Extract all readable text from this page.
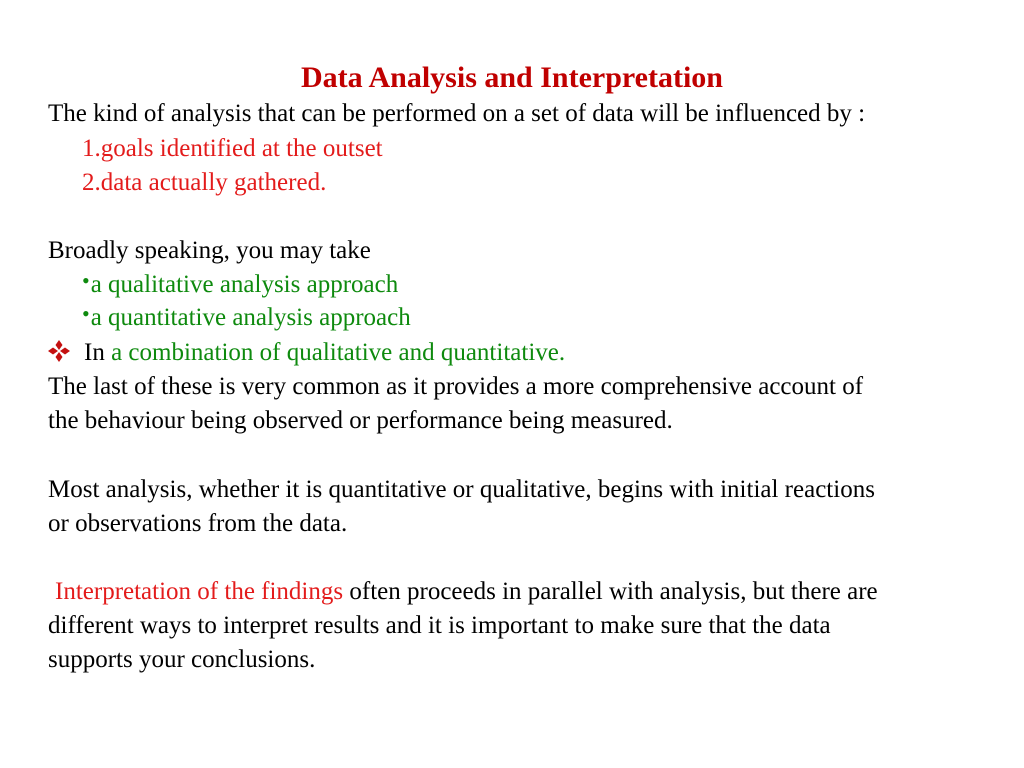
Data Analysis and Interpretation
The kind of analysis that can be performed on a set of data will be influenced by :
1.goals identified at the outset
2.data actually gathered.
Broadly speaking, you may take
•a qualitative analysis approach
•a quantitative analysis approach
In a combination of qualitative and quantitative.
The last of these is very common as it provides a more comprehensive account of
the behaviour being observed or performance being measured.
Most analysis, whether it is quantitative or qualitative, begins with initial reactions
or observations from the data.
Interpretation of the findings often proceeds in parallel with analysis, but there are
different ways to interpret results and it is important to make sure that the data
supports your conclusions.
